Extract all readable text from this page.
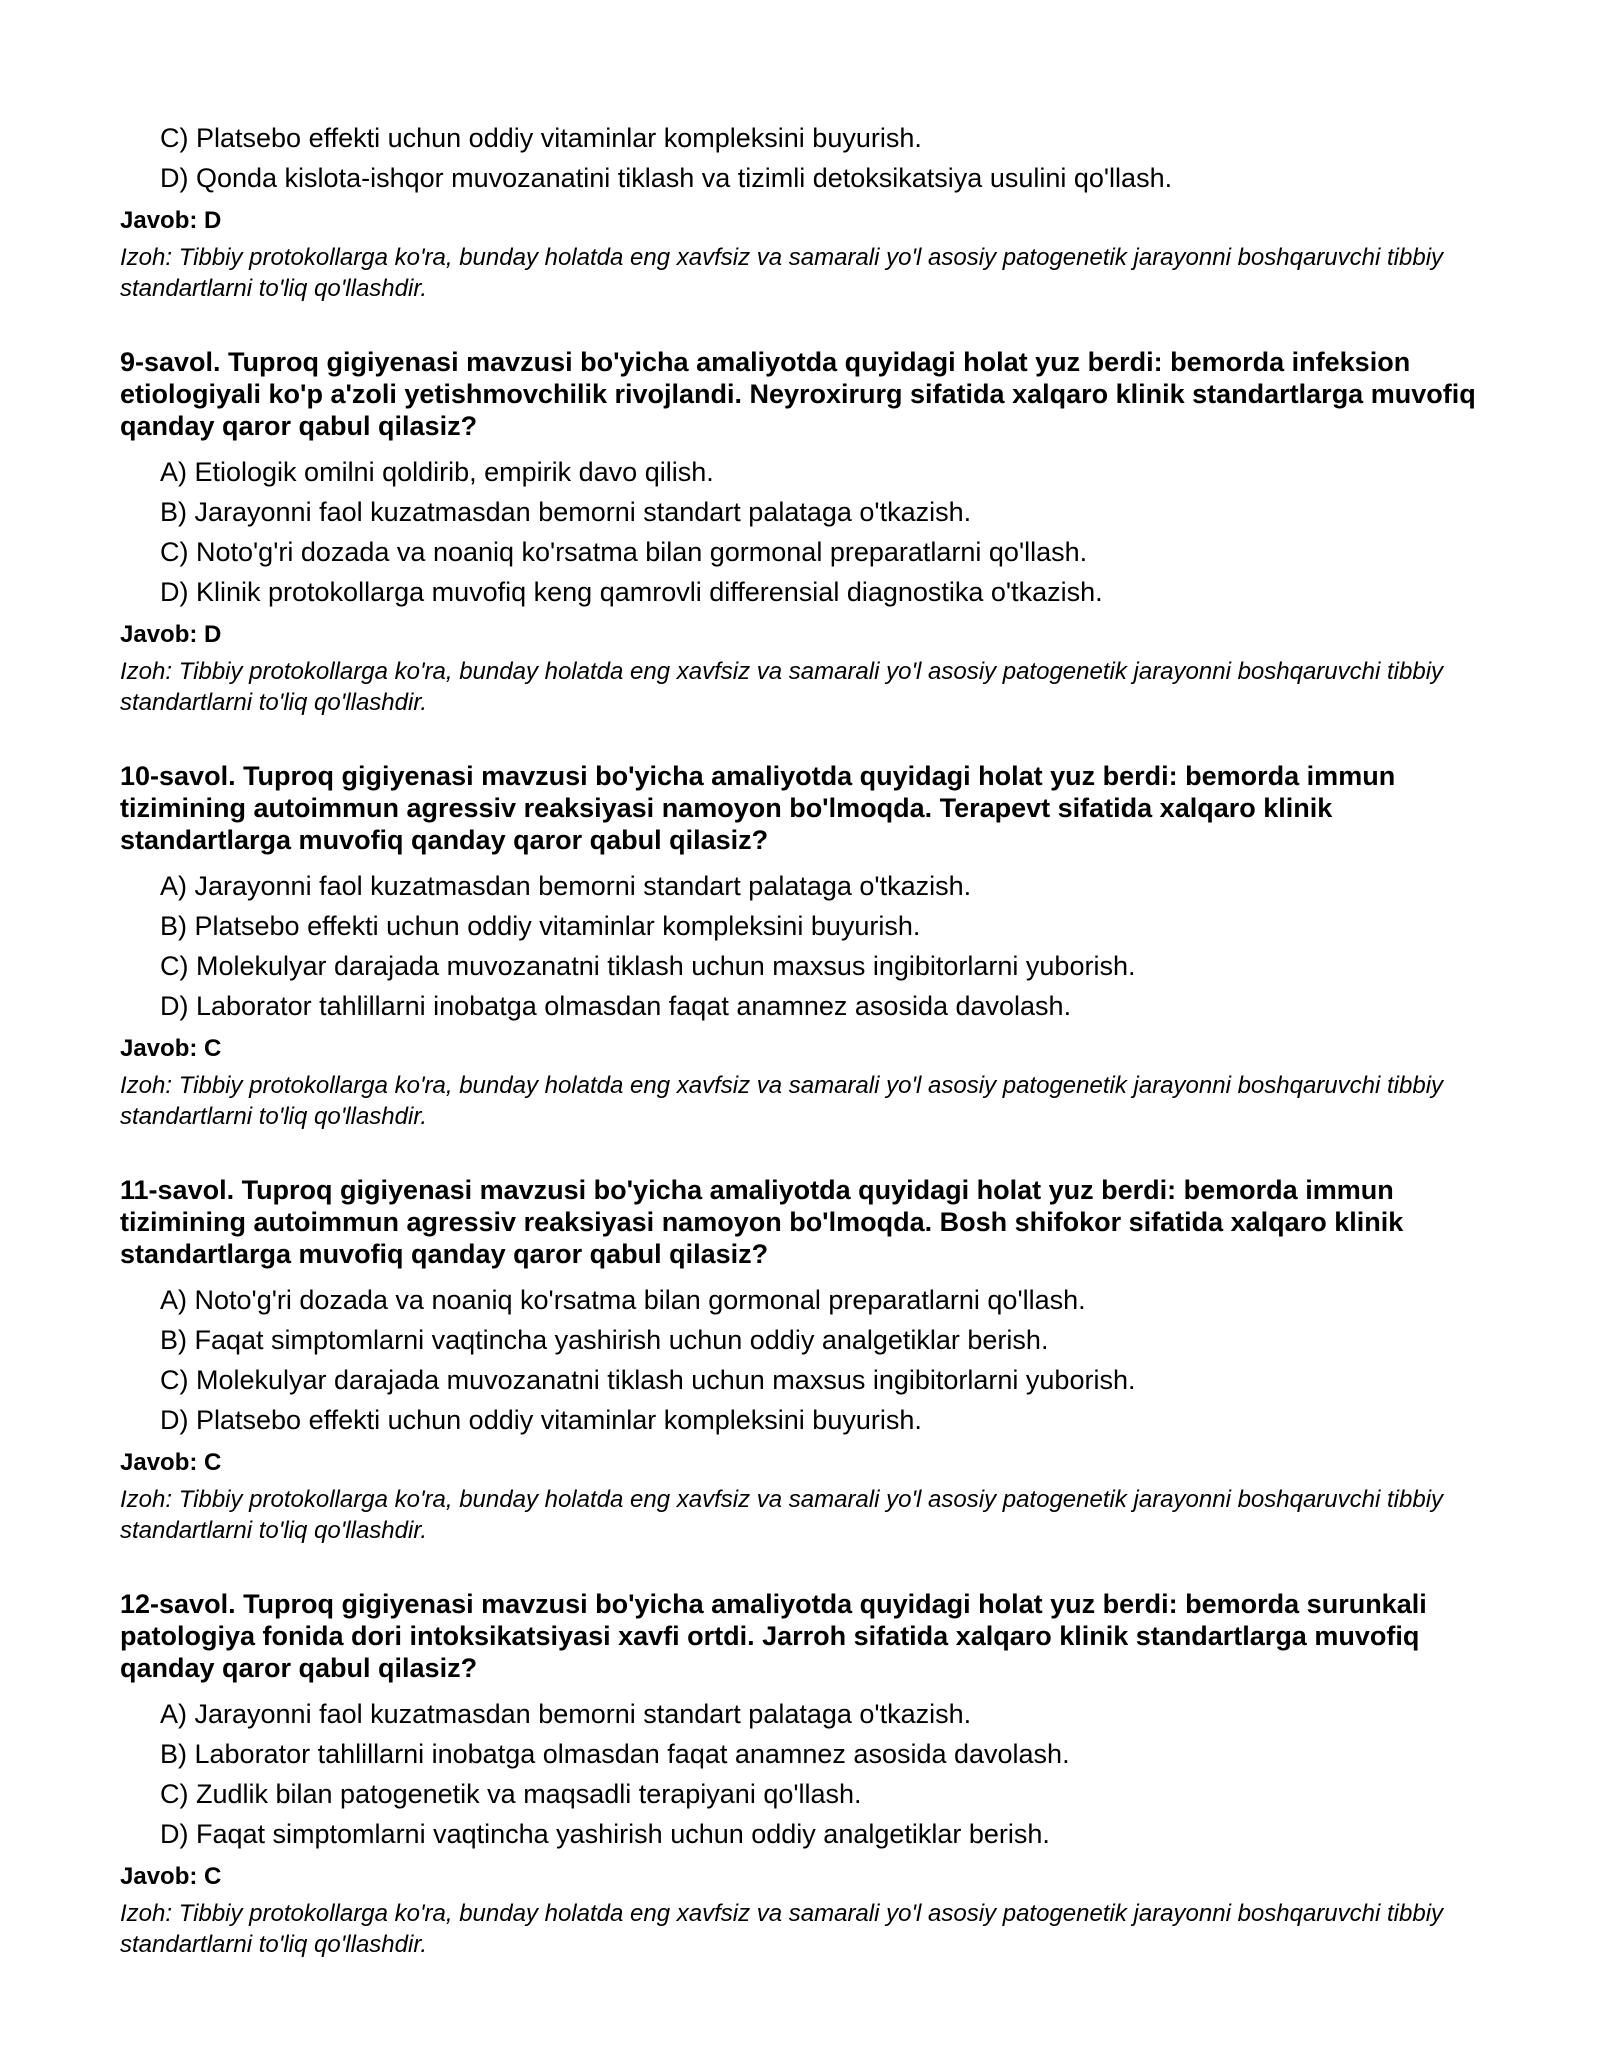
C) Platsebo effekti uchun oddiy vitaminlar kompleksini buyurish.

D) Qonda kislota-ishqor muvozanatini tiklash va tizimli detoksikatsiya usulini qo'llash.

Javob: D

Izoh: Tibbiy protokollarga ko'ra, bunday holatda eng xavfsiz va samarali yo'l asosiy patogenetik jarayonni boshqaruvchi tibbiy standartlarni to'liq qo'llashdir.

9-savol. Tuproq gigiyenasi mavzusi bo'yicha amaliyotda quyidagi holat yuz berdi: bemorda infeksion etiologiyali ko'p a'zoli yetishmovchilik rivojlandi. Neyroxirurg sifatida xalqaro klinik standartlarga muvofiq qanday qaror qabul qilasiz?

A) Etiologik omilni qoldirib, empirik davo qilish.

B) Jarayonni faol kuzatmasdan bemorni standart palataga o'tkazish.

C) Noto'g'ri dozada va noaniq ko'rsatma bilan gormonal preparatlarni qo'llash.

D) Klinik protokollarga muvofiq keng qamrovli differensial diagnostika o'tkazish.

Javob: D

Izoh: Tibbiy protokollarga ko'ra, bunday holatda eng xavfsiz va samarali yo'l asosiy patogenetik jarayonni boshqaruvchi tibbiy standartlarni to'liq qo'llashdir.

10-savol. Tuproq gigiyenasi mavzusi bo'yicha amaliyotda quyidagi holat yuz berdi: bemorda immun tizimining autoimmun agressiv reaksiyasi namoyon bo'lmoqda. Terapevt sifatida xalqaro klinik standartlarga muvofiq qanday qaror qabul qilasiz?

A) Jarayonni faol kuzatmasdan bemorni standart palataga o'tkazish.

B) Platsebo effekti uchun oddiy vitaminlar kompleksini buyurish.

C) Molekulyar darajada muvozanatni tiklash uchun maxsus ingibitorlarni yuborish.

D) Laborator tahlillarni inobatga olmasdan faqat anamnez asosida davolash.

Javob: C

Izoh: Tibbiy protokollarga ko'ra, bunday holatda eng xavfsiz va samarali yo'l asosiy patogenetik jarayonni boshqaruvchi tibbiy standartlarni to'liq qo'llashdir.

11-savol. Tuproq gigiyenasi mavzusi bo'yicha amaliyotda quyidagi holat yuz berdi: bemorda immun tizimining autoimmun agressiv reaksiyasi namoyon bo'lmoqda. Bosh shifokor sifatida xalqaro klinik standartlarga muvofiq qanday qaror qabul qilasiz?

A) Noto'g'ri dozada va noaniq ko'rsatma bilan gormonal preparatlarni qo'llash.

B) Faqat simptomlarni vaqtincha yashirish uchun oddiy analgetiklar berish.

C) Molekulyar darajada muvozanatni tiklash uchun maxsus ingibitorlarni yuborish.

D) Platsebo effekti uchun oddiy vitaminlar kompleksini buyurish.

Javob: C

Izoh: Tibbiy protokollarga ko'ra, bunday holatda eng xavfsiz va samarali yo'l asosiy patogenetik jarayonni boshqaruvchi tibbiy standartlarni to'liq qo'llashdir.

12-savol. Tuproq gigiyenasi mavzusi bo'yicha amaliyotda quyidagi holat yuz berdi: bemorda surunkali patologiya fonida dori intoksikatsiyasi xavfi ortdi. Jarroh sifatida xalqaro klinik standartlarga muvofiq qanday qaror qabul qilasiz?

A) Jarayonni faol kuzatmasdan bemorni standart palataga o'tkazish.

B) Laborator tahlillarni inobatga olmasdan faqat anamnez asosida davolash.

C) Zudlik bilan patogenetik va maqsadli terapiyani qo'llash.

D) Faqat simptomlarni vaqtincha yashirish uchun oddiy analgetiklar berish.

Javob: C

Izoh: Tibbiy protokollarga ko'ra, bunday holatda eng xavfsiz va samarali yo'l asosiy patogenetik jarayonni boshqaruvchi tibbiy standartlarni to'liq qo'llashdir.
